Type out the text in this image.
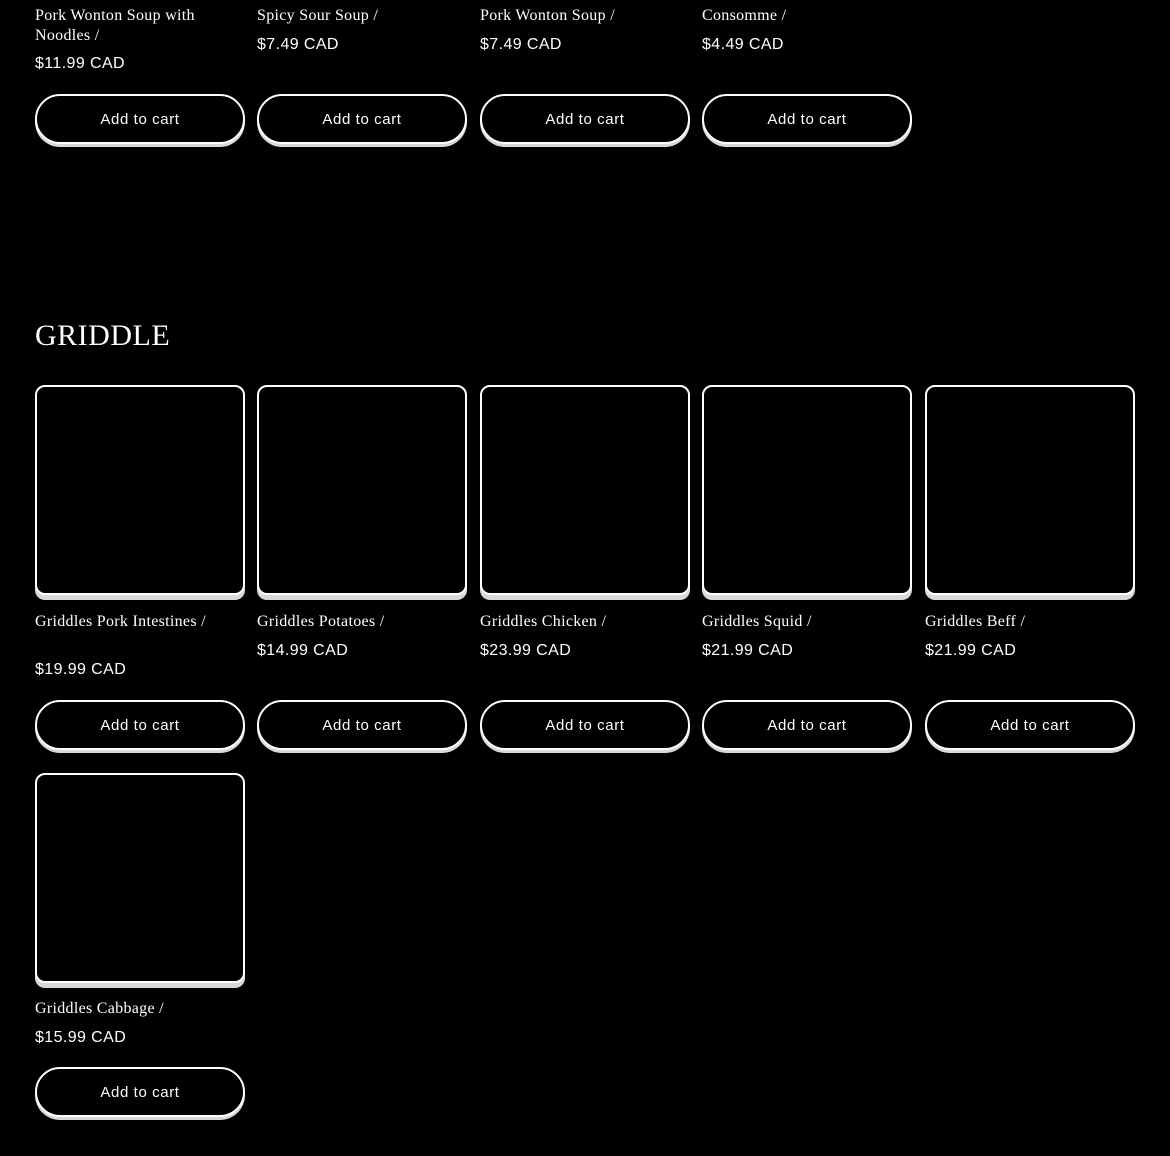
Pork Wonton Soup with Noodles /

$11.99 CAD

Add to cart

Spicy Sour Soup /

$7.49 CAD

Add to cart

Pork Wonton Soup /

$7.49 CAD

Add to cart

Consomme /

$4.49 CAD

Add to cart
GRIDDLE

Griddles Pork Intestines /

$19.99 CAD

Add to cart

Griddles Potatoes /

$14.99 CAD

Add to cart

Griddles Chicken /

$23.99 CAD

Add to cart

Griddles Squid /

$21.99 CAD

Add to cart

Griddles Beff /

$21.99 CAD

Add to cart

Griddles Cabbage /

$15.99 CAD

Add to cart
